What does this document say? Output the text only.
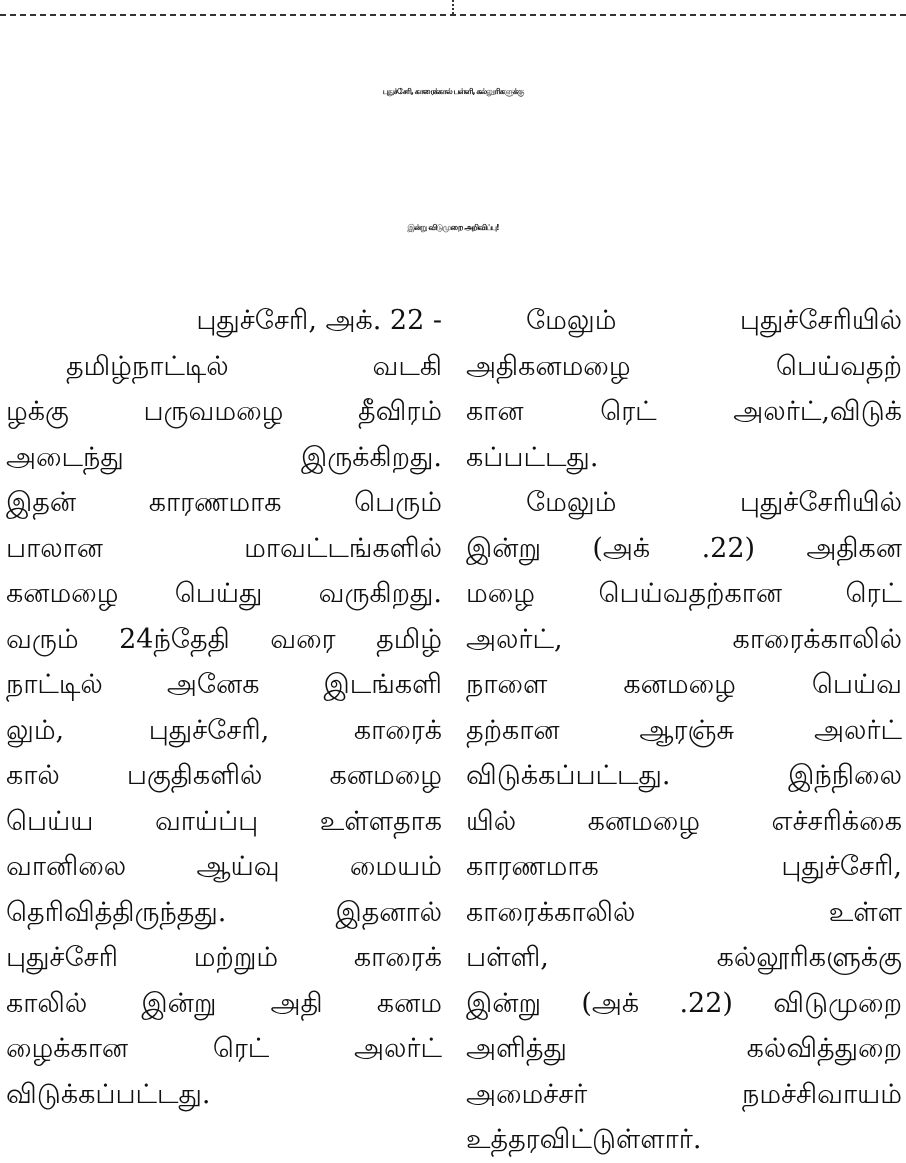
புதுச்சேரி, காரைக்கால் பள்ளி, கல்லூரிகளுக்கு
இன்று விடுமுறை அறிவிப்பு!
புதுச்சேரி, அக். 22 -
தமிழ்நாட்டில் வடகி
ழக்கு பருவமழை தீவிரம்
அடைந்து இருக்கிறது.
இதன் காரணமாக பெரும்
பாலான மாவட்டங்களில்
கனமழை பெய்து வருகிறது.
வரும் 24ந்தேதி வரை தமிழ்
நாட்டில் அனேக இடங்களி
லும், புதுச்சேரி, காரைக்
கால் பகுதிகளில் கனமழை
பெய்ய வாய்ப்பு உள்ளதாக
வானிலை ஆய்வு மையம்
தெரிவித்திருந்தது. இதனால்
புதுச்சேரி மற்றும் காரைக்
காலில் இன்று அதி கனம
ழைக்கான ரெட் அலர்ட்
விடுக்கப்பட்டது.
மேலும் புதுச்சேரியில்
அதிகனமழை பெய்வதற்
கான ரெட் அலர்ட்,விடுக்
கப்பட்டது.
மேலும் புதுச்சேரியில்
இன்று (அக் .22) அதிகன
மழை பெய்வதற்கான ரெட்
அலர்ட், காரைக்காலில்
நாளை கனமழை பெய்வ
தற்கான ஆரஞ்சு அலர்ட்
விடுக்கப்பட்டது. இந்நிலை
யில் கனமழை எச்சரிக்கை
காரணமாக புதுச்சேரி,
காரைக்காலில் உள்ள
பள்ளி, கல்லூரிகளுக்கு
இன்று (அக் .22) விடுமுறை
அளித்து கல்வித்துறை
அமைச்சர் நமச்சிவாயம்
உத்தரவிட்டுள்ளார்.
